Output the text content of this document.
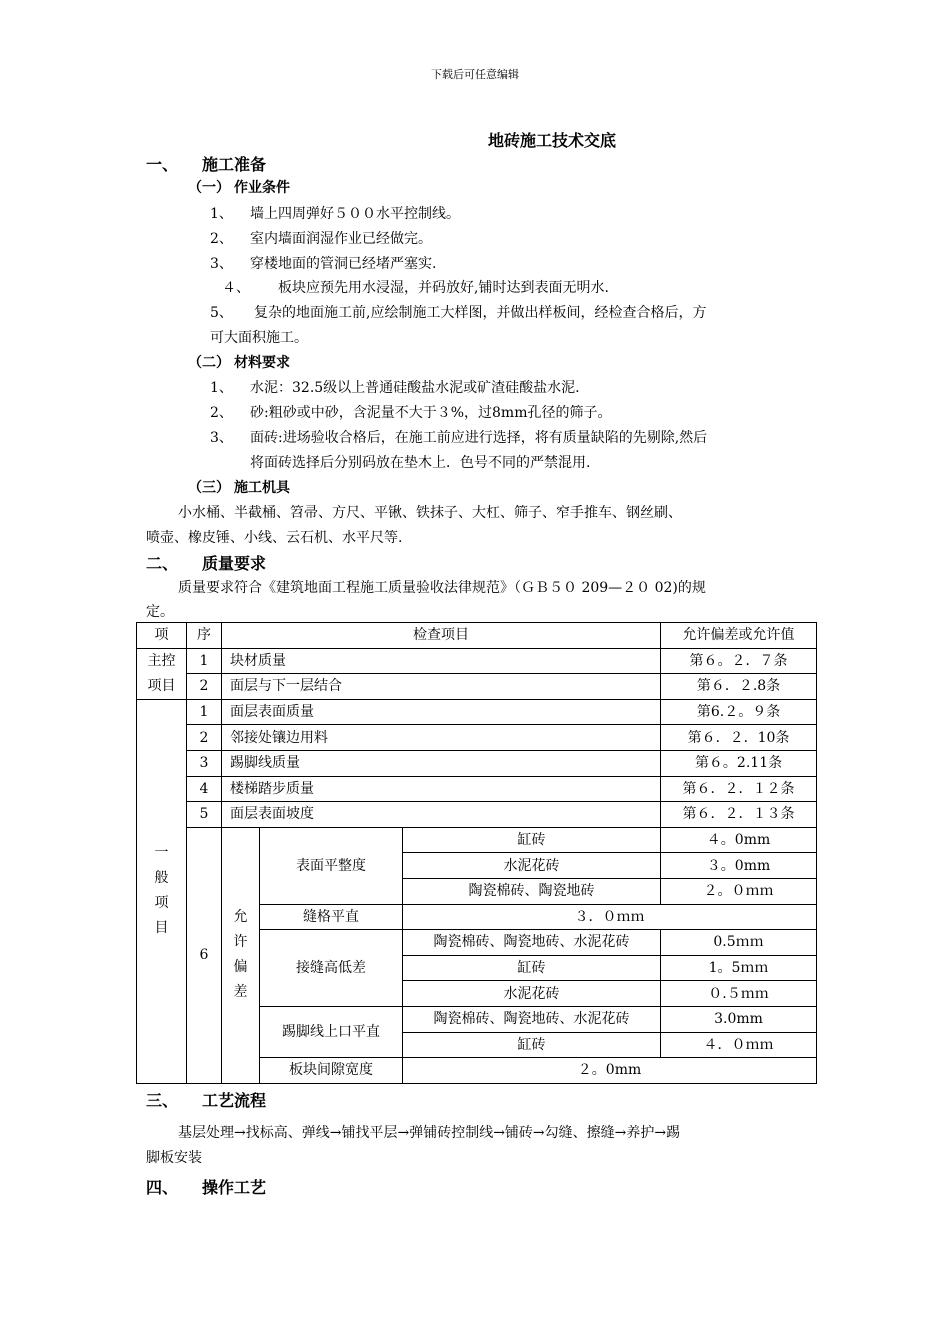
下载后可任意编辑
地砖施工技术交底
一、 施工准备
（一） 作业条件
1、 墙上四周弹好５００水平控制线。
2、 室内墙面润湿作业已经做完。
3、 穿楼地面的管洞已经堵严塞实.
４、 板块应预先用水浸湿，并码放好,铺时达到表面无明水.
5、 复杂的地面施工前,应绘制施工大样图，并做出样板间，经检查合格后，方
可大面积施工。
（二） 材料要求
1、 水泥：32.5级以上普通硅酸盐水泥或矿渣硅酸盐水泥.
2、 砂:粗砂或中砂，含泥量不大于３%，过8mm孔径的筛子。
3、 面砖:进场验收合格后，在施工前应进行选择，将有质量缺陷的先剔除,然后
将面砖选择后分别码放在垫木上．色号不同的严禁混用.
（三） 施工机具
小水桶、半截桶、笤帚、方尺、平锹、铁抹子、大杠、筛子、窄手推车、钢丝刷、
喷壶、橡皮锤、小线、云石机、水平尺等.
二、 质量要求
质量要求符合《建筑地面工程施工质量验收法律规范》（ＧＢ５０ 209—２０ 02)的规
定。
项	序	检查项目			允许偏差或允许值
主控项目	1	块材质量			第６。２．７条
	2	面层与下一层结合			第６．２.8条
一般项目	1	面层表面质量			第6.２。９条
	2	邻接处镶边用料			第６．２．10条
	3	踢脚线质量			第６。2.11条
	4	楼梯踏步质量			第６．２．１２条
	5	面层表面坡度			第６．２．１３条
	6	允许偏差	表面平整度	缸砖	４。0mm
				水泥花砖	３。0mm
				陶瓷棉砖、陶瓷地砖	２。０ｍｍ
			缝格平直	３．０ｍｍ	
			接缝高低差	陶瓷棉砖、陶瓷地砖、水泥花砖	0.5ｍｍ
				缸砖	1。5ｍｍ
				水泥花砖	０.５ｍｍ
			踢脚线上口平直	陶瓷棉砖、陶瓷地砖、水泥花砖	3.0mm
				缸砖	４．０ｍｍ
			板块间隙宽度	２。0mm	
三、 工艺流程
基层处理→找标高、弹线→铺找平层→弹铺砖控制线→铺砖→勾缝、擦缝→养护→踢
脚板安装
四、 操作工艺
